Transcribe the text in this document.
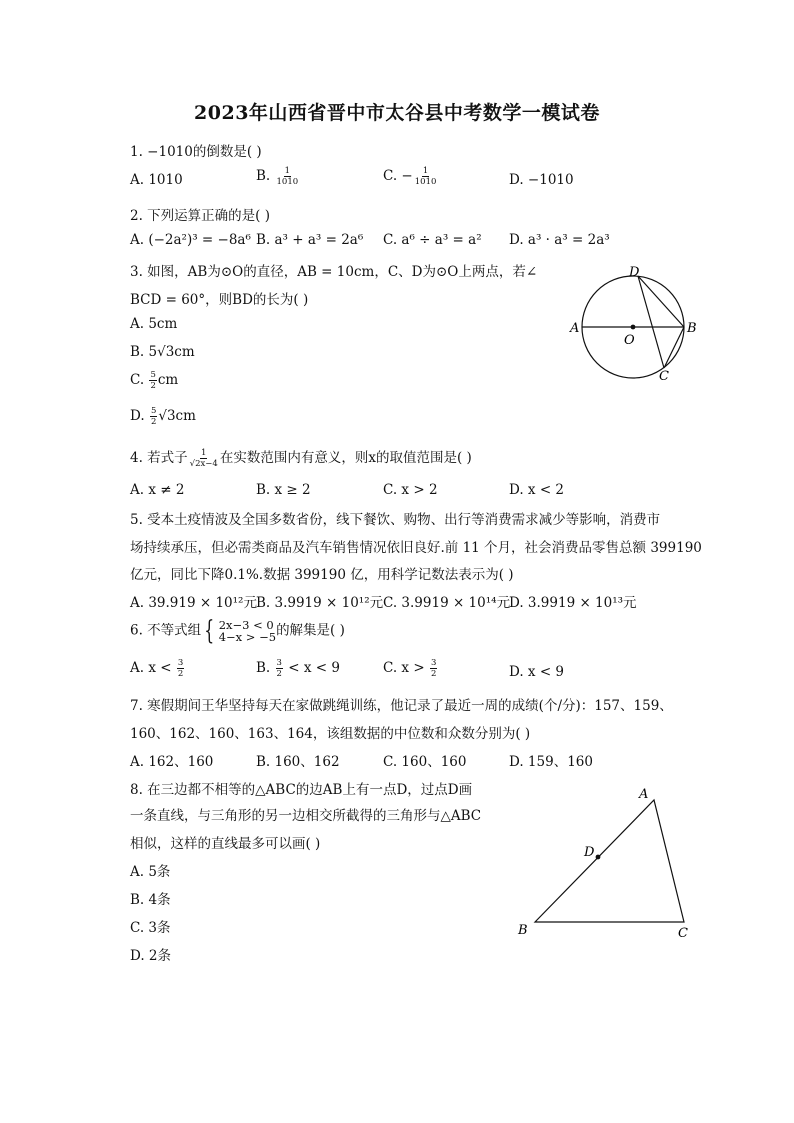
2023年山西省晋中市太谷县中考数学一模试卷
1. −1010的倒数是( )
A. 1010	B. $\frac{1}{1010}$	C. − $\frac{1}{1010}$	D. −1010
2. 下列运算正确的是( )
A. (−2a²)³ = −8a⁶ B. a³ + a³ = 2a⁶ C. a⁶ ÷ a³ = a² D. a³ · a³ = 2a³
3. 如图，AB为⊙O的直径，AB = 10cm，C、D为⊙O上两点，若∠
BCD = 60°，则BD的长为( )
A. 5cm
B. 5√3cm
C. $\frac{5}{2}$ cm
D. $\frac{5}{2} √3cm$
A	B
C
D
O
4. 若式子 $\frac{1}{√2x-4}$ 在实数范围内有意义，则x的取值范围是( )
A. x ≠ 2	B. x ≥ 2	C. x > 2	D. x < 2
5. 受本土疫情波及全国多数省份，线下餐饮、购物、出行等消费需求减少等影响，消费市
场持续承压，但必需类商品及汽车销售情况依旧良好.前 11 个月，社会消费品零售总额 399190
亿元，同比下降0.1%.数据 399190 亿，用科学记数法表示为( )
A. 39.919 × 10¹²元 B. 3.9919 × 10¹²元 C. 3.9919 × 10¹⁴元
D. 3.9919 × 10¹³元
6. 不等式组 { 2x−3 < 0
4−x > −5 的解集是( )
A. $x < \frac{3}{2}$	B. $\frac{3}{2} < x < 9$	C. $x > \frac{3}{2}$	D. x < 9
7. 寒假期间王华坚持每天在家做跳绳训练，他记录了最近一周的成绩(个/分)：157、159、
160、162、160、163、164，该组数据的中位数和众数分别为( )
A. 162、160	B. 160、162	C. 160、160	D. 159、160
8. 在三边都不相等的△ABC的边AB上有一点D，过点D画
一条直线，与三角形的另一边相交所截得的三角形与△ABC
相似，这样的直线最多可以画( )
A. 5条
B. 4条
C. 3条
D. 2条
A
B	C
D
